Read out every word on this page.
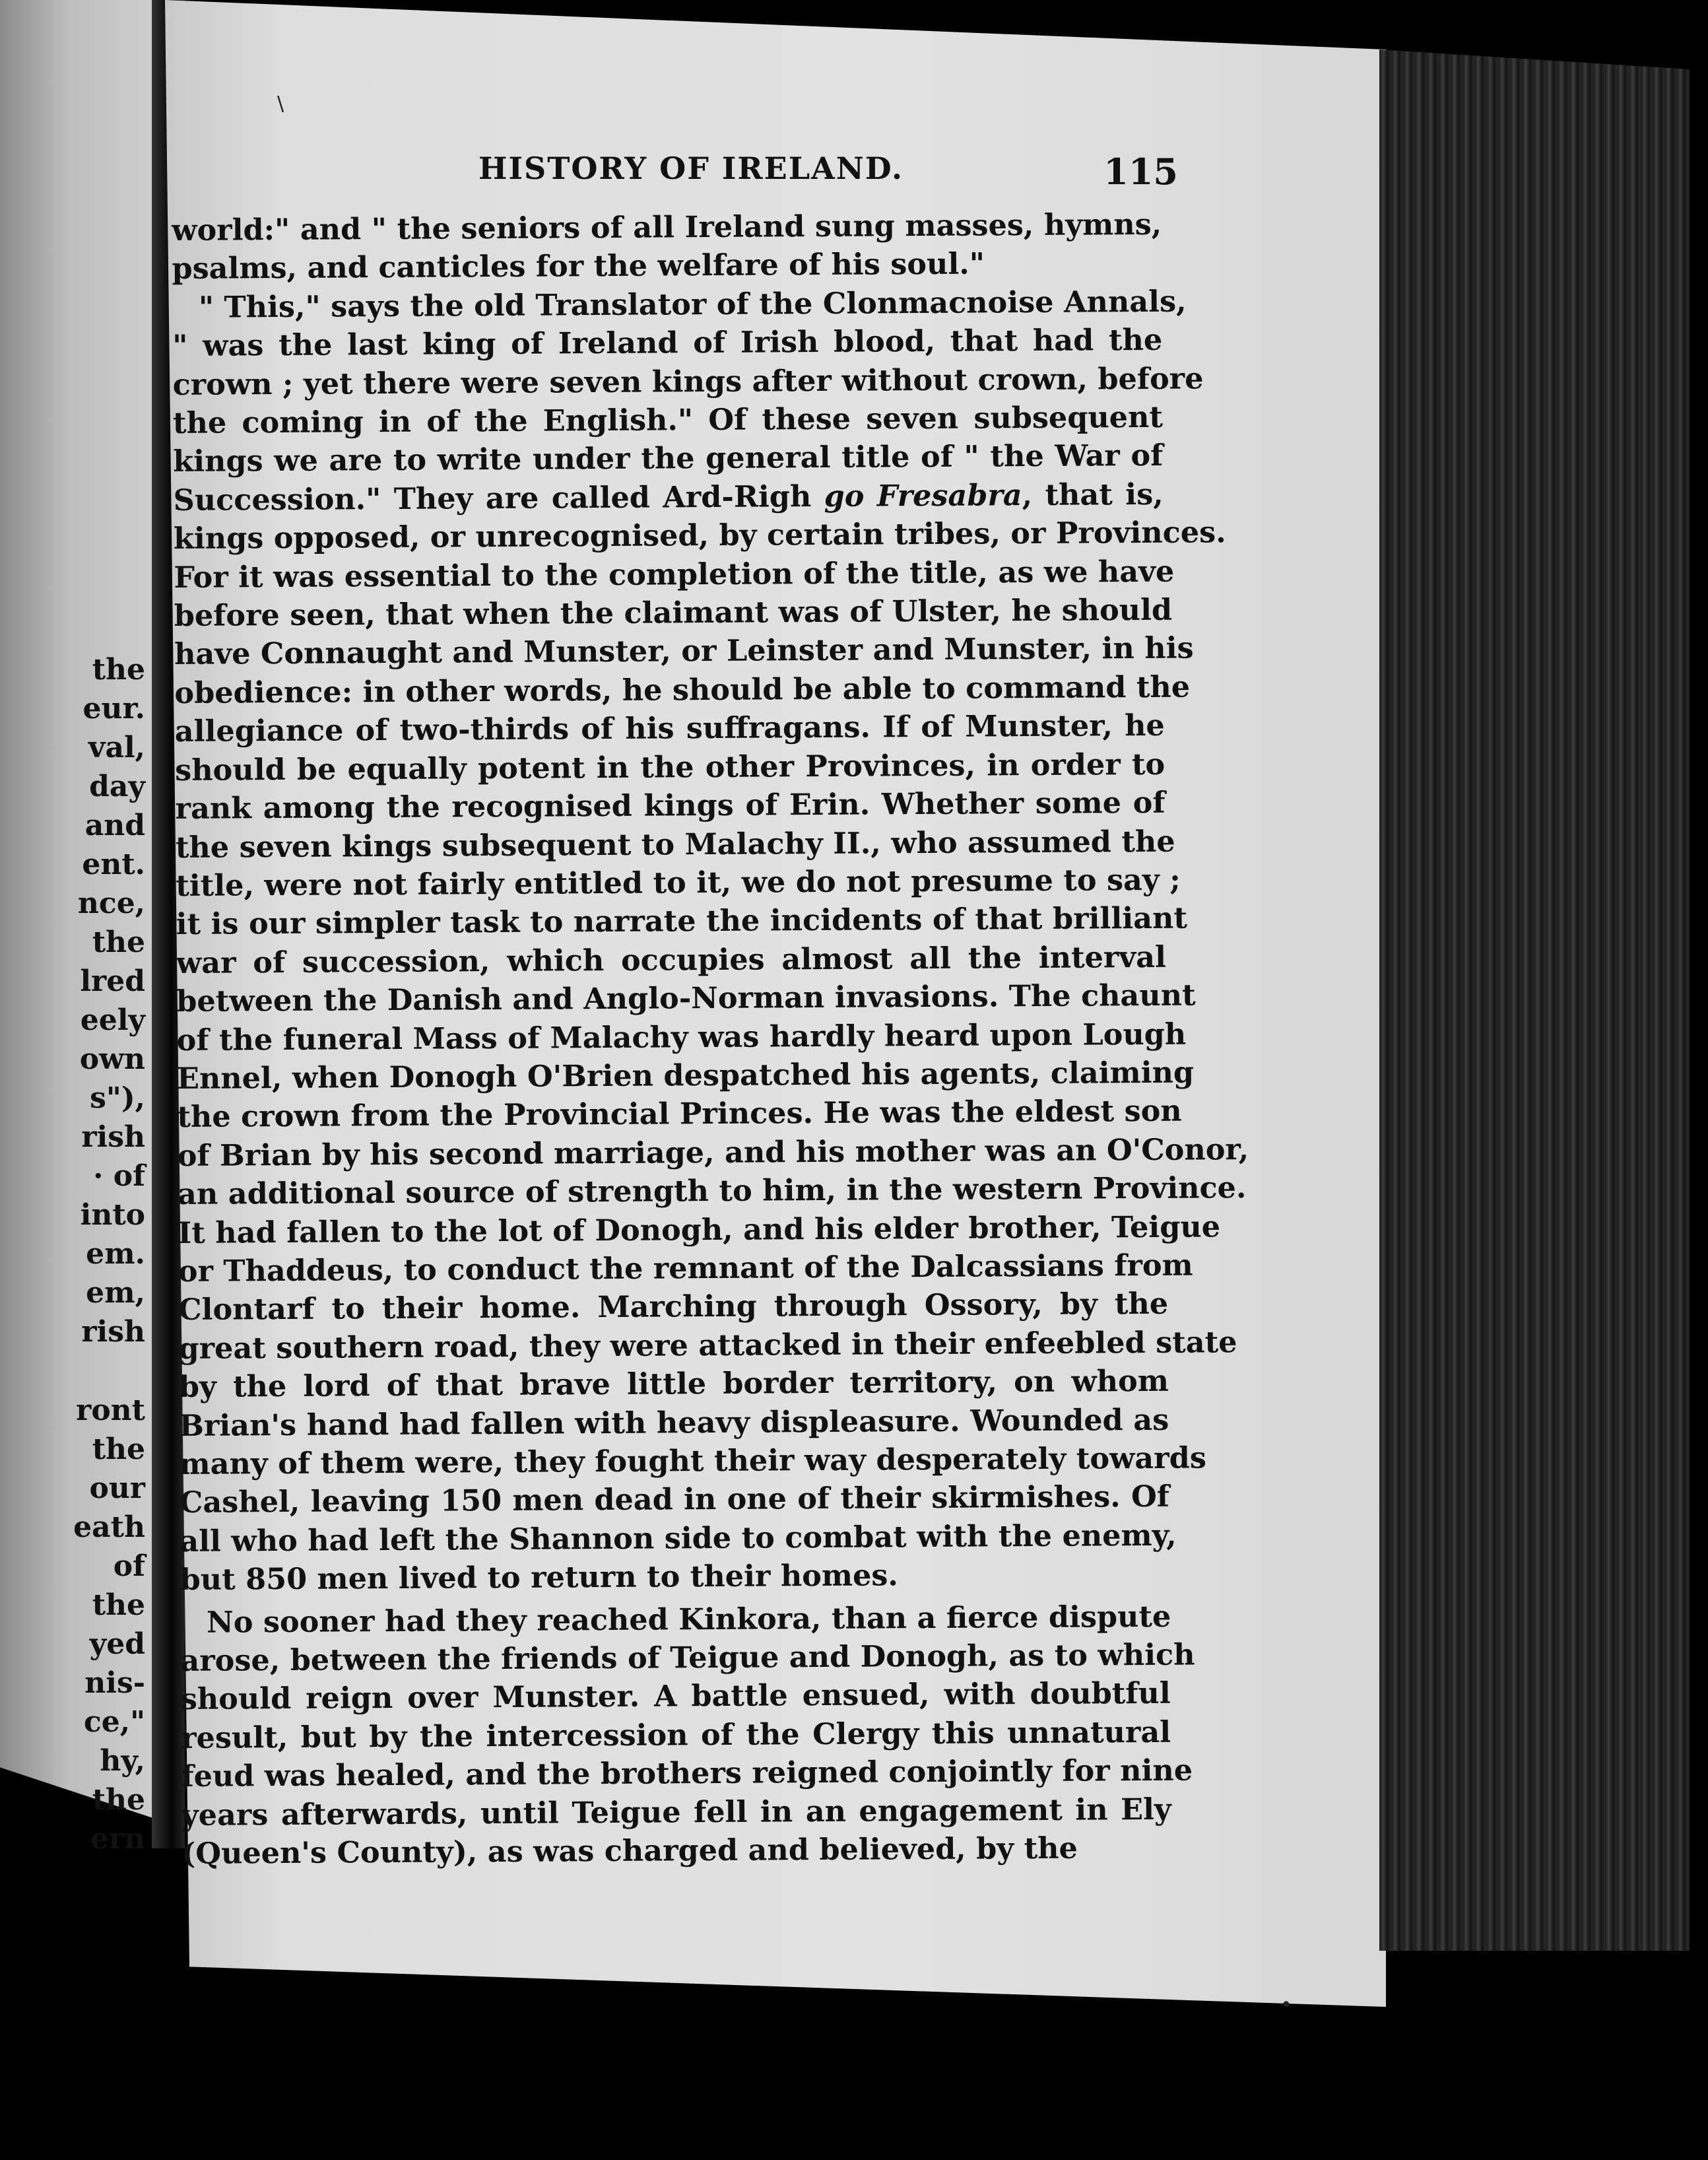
the
eur.
val,
day
and
ent.
nce,
the
lred
eely
own
s"),
rish
· of
into
em.
em,
rish
ront
the
our
eath
of
the
yed
nis-
ce,"
hy,
the
ern
\
HISTORY OF IRELAND.	115
world:" and " the seniors of all Ireland sung masses, hymns,
psalms, and canticles for the welfare of his soul."
" This," says the old Translator of the Clonmacnoise Annals,
" was the last king of Ireland of Irish blood, that had the
crown ; yet there were seven kings after without crown, before
the coming in of the English." Of these seven subsequent
kings we are to write under the general title of " the War of
Succession." They are called Ard-Righ go Fresabra, that is,
kings opposed, or unrecognised, by certain tribes, or Provinces.
For it was essential to the completion of the title, as we have
before seen, that when the claimant was of Ulster, he should
have Connaught and Munster, or Leinster and Munster, in his
obedience: in other words, he should be able to command the
allegiance of two-thirds of his suffragans. If of Munster, he
should be equally potent in the other Provinces, in order to
rank among the recognised kings of Erin. Whether some of
the seven kings subsequent to Malachy II., who assumed the
title, were not fairly entitled to it, we do not presume to say ;
it is our simpler task to narrate the incidents of that brilliant
war of succession, which occupies almost all the interval
between the Danish and Anglo-Norman invasions. The chaunt
of the funeral Mass of Malachy was hardly heard upon Lough
Ennel, when Donogh O'Brien despatched his agents, claiming
the crown from the Provincial Princes. He was the eldest son
of Brian by his second marriage, and his mother was an O'Conor,
an additional source of strength to him, in the western Province.
It had fallen to the lot of Donogh, and his elder brother, Teigue
or Thaddeus, to conduct the remnant of the Dalcassians from
Clontarf to their home. Marching through Ossory, by the
great southern road, they were attacked in their enfeebled state
by the lord of that brave little border territory, on whom
Brian's hand had fallen with heavy displeasure. Wounded as
many of them were, they fought their way desperately towards
Cashel, leaving 150 men dead in one of their skirmishes. Of
all who had left the Shannon side to combat with the enemy,
but 850 men lived to return to their homes.
No sooner had they reached Kinkora, than a fierce dispute
arose, between the friends of Teigue and Donogh, as to which
should reign over Munster. A battle ensued, with doubtful
result, but by the intercession of the Clergy this unnatural
feud was healed, and the brothers reigned conjointly for nine
years afterwards, until Teigue fell in an engagement in Ely
(Queen's County), as was charged and believed, by the
•
